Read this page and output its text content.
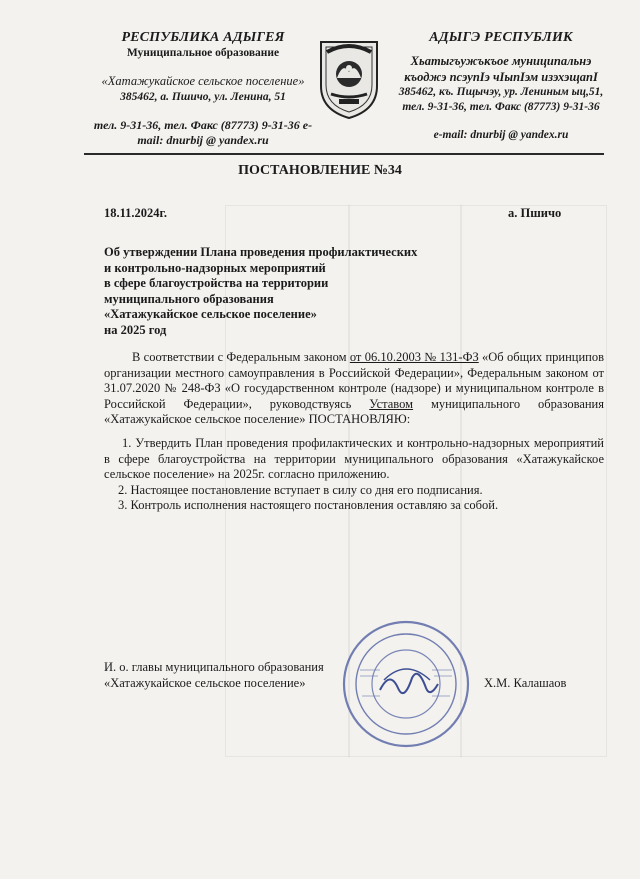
РЕСПУБЛИКА АДЫГЕЯ
Муниципальное образование
«Хатажукайское сельское поселение»
385462, а. Пшичо, ул. Ленина, 51
тел. 9-31-36, тел. Факс (87773) 9-31-36 e-
mail: dnurbij @ yandex.ru
АДЫГЭ РЕСПУБЛИК
Хьатыгъужъкъое муниципальнэ
къоджэ псэупIэ чIыпIэм изэхэщапI
385462, къ. Пщычэу, ур. Лениным ыц,51,
тел. 9-31-36, тел. Факс (87773) 9-31-36
e-mail: dnurbij @ yandex.ru
ПОСТАНОВЛЕНИЕ №34
18.11.2024г.	а. Пшичо
Об утверждении Плана проведения профилактических
и контрольно-надзорных мероприятий
в сфере благоустройства на территории
муниципального образования
«Хатажукайское сельское поселение»
на 2025 год
В соответствии с Федеральным законом от 06.10.2003 № 131-ФЗ «Об общих принципов организации местного самоуправления в Российской Федерации», Федеральным законом от 31.07.2020 № 248-ФЗ «О государственном контроле (надзоре) и муниципальном контроле в Российской Федерации», руководствуясь Уставом муниципального образования «Хатажукайское сельское поселение» ПОСТАНОВЛЯЮ:

1. Утвердить План проведения профилактических и контрольно-надзорных мероприятий в сфере благоустройства на территории муниципального образования «Хатажукайское сельское поселение» на 2025г. согласно приложению.

2. Настоящее постановление вступает в силу со дня его подписания.

3. Контроль исполнения настоящего постановления оставляю за собой.

И. о. главы муниципального образования
«Хатажукайское сельское поселение»	Х.М. Калашаов
